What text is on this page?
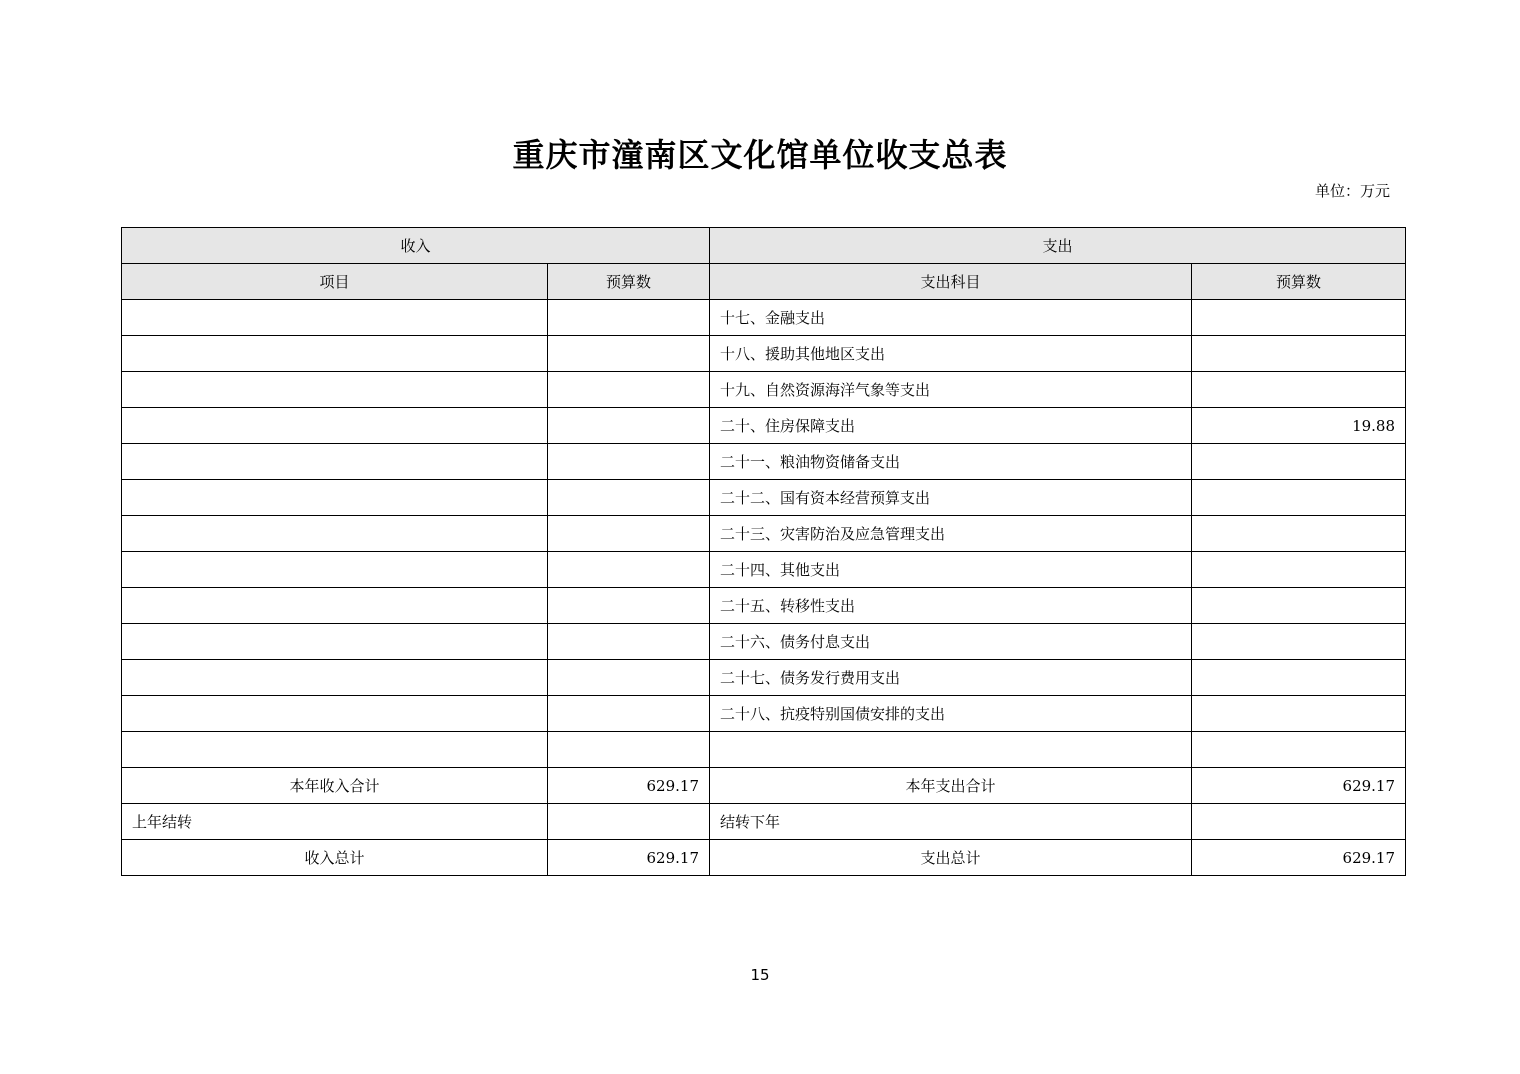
重庆市潼南区文化馆单位收支总表
单位：万元
收入		支出	
项目	预算数	支出科目	预算数
		十七、金融支出	
		十八、援助其他地区支出	
		十九、自然资源海洋气象等支出	
		二十、住房保障支出	19.88
		二十一、粮油物资储备支出	
		二十二、国有资本经营预算支出	
		二十三、灾害防治及应急管理支出	
		二十四、其他支出	
		二十五、转移性支出	
		二十六、债务付息支出	
		二十七、债务发行费用支出	
		二十八、抗疫特别国债安排的支出	

本年收入合计	629.17	本年支出合计	629.17
上年结转		结转下年	
收入总计	629.17	支出总计	629.17
15
